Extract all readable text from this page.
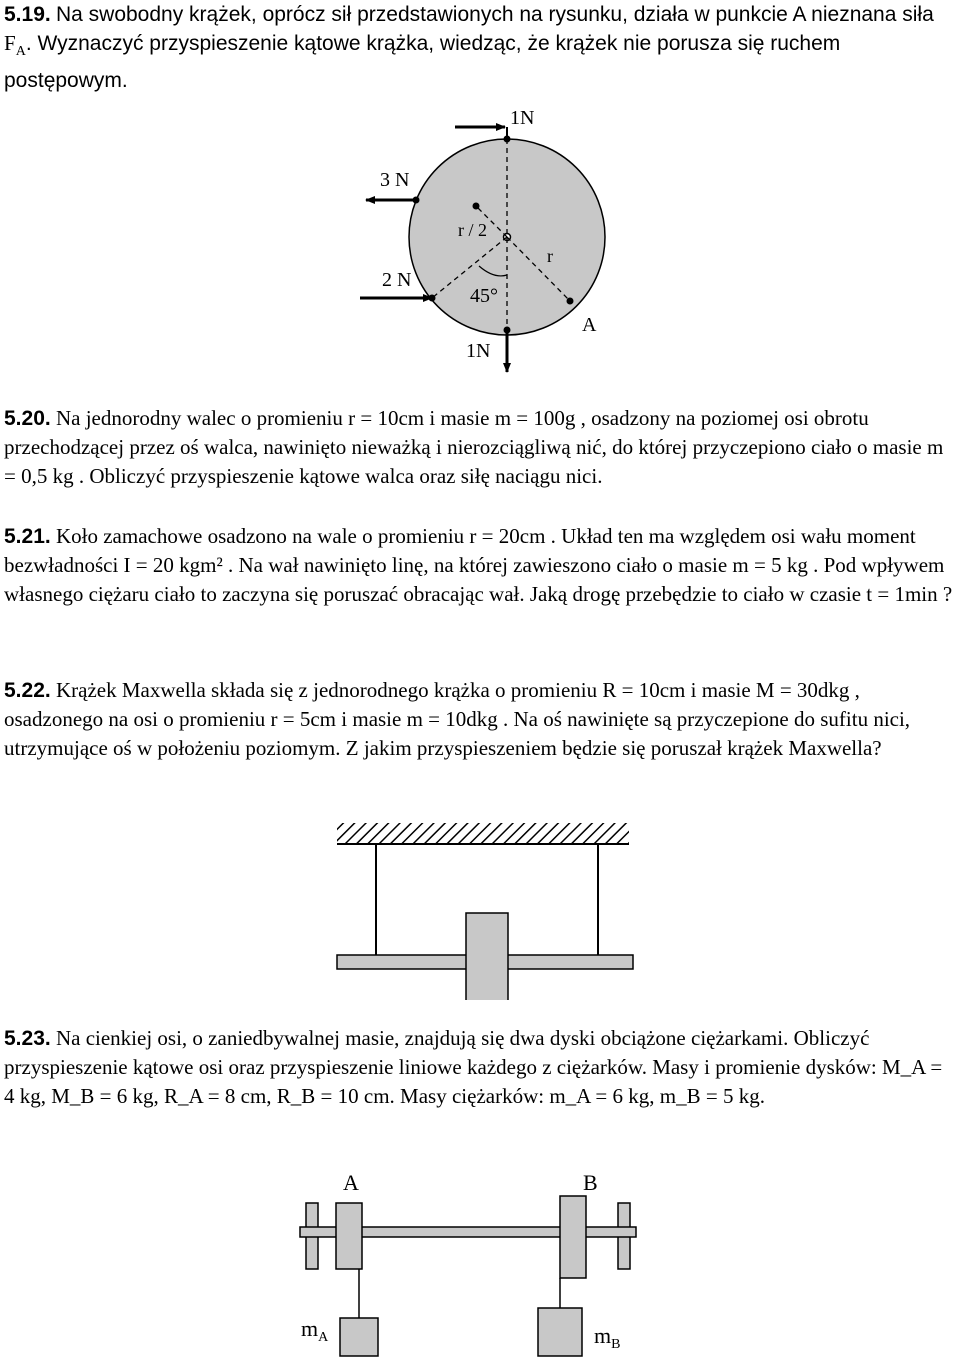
5.19. Na swobodny krążek, oprócz sił przedstawionych na rysunku, działa w punkcie A nieznana siła $F_A$. Wyznaczyć przyspieszenie kątowe krążka, wiedząc, że krążek nie porusza się ruchem postępowym.
1N
3 N
2 N
r / 2
r
45°
A
1N
5.20. Na jednorodny walec o promieniu r = 10cm i masie m = 100g , osadzony na poziomej osi obrotu przechodzącej przez oś walca, nawinięto nieważką i nierozciągliwą nić, do której przyczepiono ciało o masie m = 0,5 kg . Obliczyć przyspieszenie kątowe walca oraz siłę naciągu nici.
5.21. Koło zamachowe osadzono na wale o promieniu r = 20cm . Układ ten ma względem osi wału moment bezwładności I = 20 kgm² . Na wał nawinięto linę, na której zawieszono ciało o masie m = 5 kg . Pod wpływem własnego ciężaru ciało to zaczyna się poruszać obracając wał. Jaką drogę przebędzie to ciało w czasie t = 1min ?
5.22. Krążek Maxwella składa się z jednorodnego krążka o promieniu R = 10cm i masie M = 30dkg , osadzonego na osi o promieniu r = 5cm i masie m = 10dkg . Na oś nawinięte są przyczepione do sufitu nici, utrzymujące oś w położeniu poziomym. Z jakim przyspieszeniem będzie się poruszał krążek Maxwella?
5.23. Na cienkiej osi, o zaniedbywalnej masie, znajdują się dwa dyski obciążone ciężarkami. Obliczyć przyspieszenie kątowe osi oraz przyspieszenie liniowe każdego z ciężarków. Masy i promienie dysków: M_A = 4 kg, M_B = 6 kg, R_A = 8 cm, R_B = 10 cm. Masy ciężarków: m_A = 6 kg, m_B = 5 kg.
A	B
$m_A$	$m_B$
